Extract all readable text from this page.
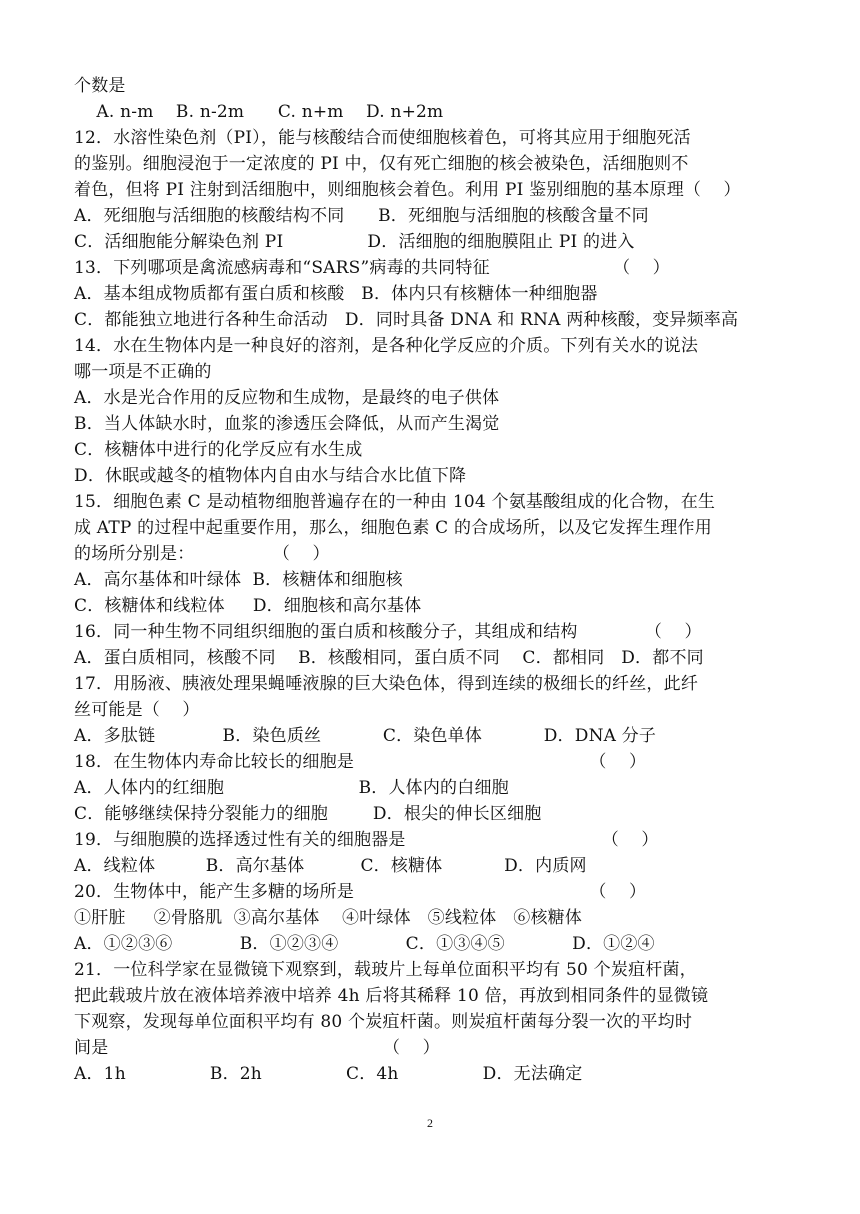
个数是
A. n-m    B. n-2m      C. n+m    D. n+2m
12．水溶性染色剂（PI），能与核酸结合而使细胞核着色，可将其应用于细胞死活
的鉴别。细胞浸泡于一定浓度的 PI 中，仅有死亡细胞的核会被染色，活细胞则不
着色，但将 PI 注射到活细胞中，则细胞核会着色。利用 PI 鉴别细胞的基本原理（    ）
A．死细胞与活细胞的核酸结构不同      B．死细胞与活细胞的核酸含量不同
C．活细胞能分解染色剂 PI               D．活细胞的细胞膜阻止 PI 的进入
13．下列哪项是禽流感病毒和“SARS”病毒的共同特征                      （    ）
A．基本组成物质都有蛋白质和核酸   B．体内只有核糖体一种细胞器
C．都能独立地进行各种生命活动   D．同时具备 DNA 和 RNA 两种核酸，变异频率高
14．水在生物体内是一种良好的溶剂，是各种化学反应的介质。下列有关水的说法
哪一项是不正确的
A．水是光合作用的反应物和生成物，是最终的电子供体
B．当人体缺水时，血浆的渗透压会降低，从而产生渴觉
C．核糖体中进行的化学反应有水生成
D．休眠或越冬的植物体内自由水与结合水比值下降
15．细胞色素 C 是动植物细胞普遍存在的一种由 104 个氨基酸组成的化合物，在生
成 ATP 的过程中起重要作用，那么，细胞色素 C 的合成场所，以及它发挥生理作用
的场所分别是：              （    ）
A．高尔基体和叶绿体  B．核糖体和细胞核
C．核糖体和线粒体     D．细胞核和高尔基体
16．同一种生物不同组织细胞的蛋白质和核酸分子，其组成和结构            （    ）
A．蛋白质相同，核酸不同    B．核酸相同，蛋白质不同    C．都相同   D．都不同
17．用肠液、胰液处理果蝇唾液腺的巨大染色体，得到连续的极细长的纤丝，此纤
丝可能是（    ）
A．多肽链            B．染色质丝           C．染色单体           D．DNA 分子
18．在生物体内寿命比较长的细胞是                                          （    ）
A．人体内的红细胞                        B．人体内的白细胞
C．能够继续保持分裂能力的细胞        D．根尖的伸长区细胞
19．与细胞膜的选择透过性有关的细胞器是                                   （    ）
A．线粒体         B．高尔基体          C．核糖体           D．内质网
20．生物体中，能产生多糖的场所是                                          （    ）
①肝脏     ②骨胳肌  ③高尔基体    ④叶绿体   ⑤线粒体   ⑥核糖体
A．①②③⑥            B．①②③④            C．①③④⑤            D．①②④
21．一位科学家在显微镜下观察到，载玻片上每单位面积平均有 50 个炭疽杆菌，
把此载玻片放在液体培养液中培养 4h 后将其稀释 10 倍，再放到相同条件的显微镜
下观察，发现每单位面积平均有 80 个炭疽杆菌。则炭疽杆菌每分裂一次的平均时
间是                                                 （    ）
A．1h               B．2h               C．4h               D．无法确定
2
